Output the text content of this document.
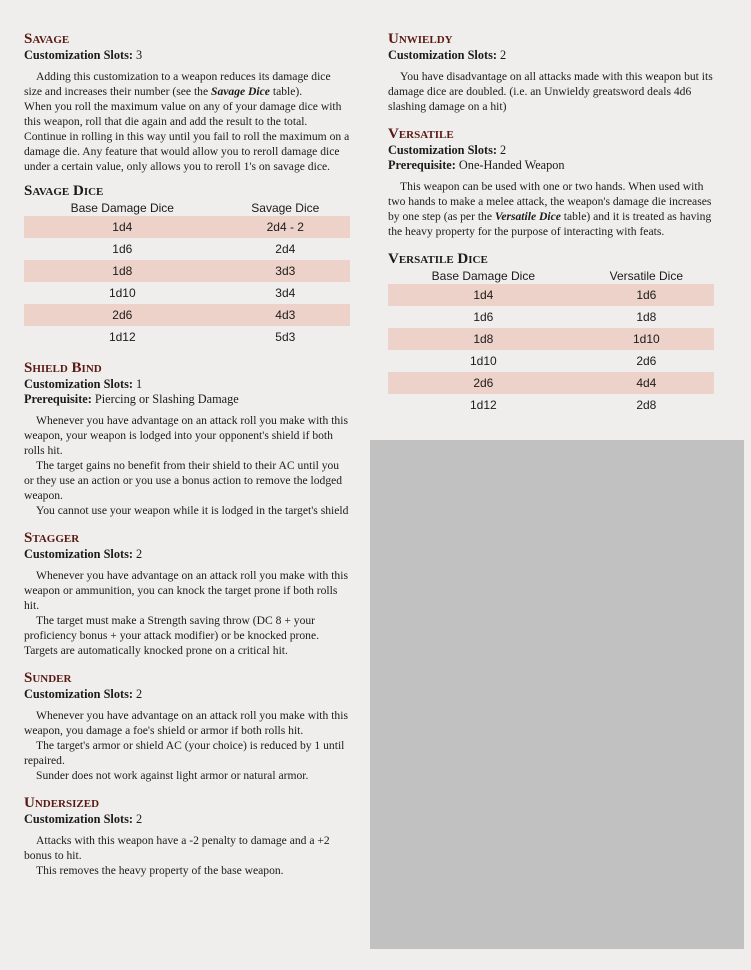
Savage
Customization Slots: 3

Adding this customization to a weapon reduces its damage dice size and increases their number (see the Savage Dice table).

When you roll the maximum value on any of your damage dice with this weapon, roll that die again and add the result to the total. Continue in rolling in this way until you fail to roll the maximum on a damage die. Any feature that would allow you to reroll damage dice under a certain value, only allows you to reroll 1's on savage dice.

Savage Dice
Base Damage Dice	Savage Dice
1d4	2d4 - 2
1d6	2d4
1d8	3d3
1d10	3d4
2d6	4d3
1d12	5d3
Shield Bind
Customization Slots: 1
Prerequisite: Piercing or Slashing Damage

Whenever you have advantage on an attack roll you make with this weapon, your weapon is lodged into your opponent's shield if both rolls hit.

The target gains no benefit from their shield to their AC until you or they use an action or you use a bonus action to remove the lodged weapon.

You cannot use your weapon while it is lodged in the target's shield

Stagger
Customization Slots: 2

Whenever you have advantage on an attack roll you make with this weapon or ammunition, you can knock the target prone if both rolls hit.

The target must make a Strength saving throw (DC 8 + your proficiency bonus + your attack modifier) or be knocked prone. Targets are automatically knocked prone on a critical hit.

Sunder
Customization Slots: 2

Whenever you have advantage on an attack roll you make with this weapon, you damage a foe's shield or armor if both rolls hit.

The target's armor or shield AC (your choice) is reduced by 1 until repaired.

Sunder does not work against light armor or natural armor.

Undersized
Customization Slots: 2

Attacks with this weapon have a -2 penalty to damage and a +2 bonus to hit.

This removes the heavy property of the base weapon.

Unwieldy
Customization Slots: 2

You have disadvantage on all attacks made with this weapon but its damage dice are doubled. (i.e. an Unwieldy greatsword deals 4d6 slashing damage on a hit)

Versatile
Customization Slots: 2
Prerequisite: One-Handed Weapon

This weapon can be used with one or two hands. When used with two hands to make a melee attack, the weapon's damage die increases by one step (as per the Versatile Dice table) and it is treated as having the heavy property for the purpose of interacting with feats.

Versatile Dice
Base Damage Dice	Versatile Dice
1d4	1d6
1d6	1d8
1d8	1d10
1d10	2d6
2d6	4d4
1d12	2d8
